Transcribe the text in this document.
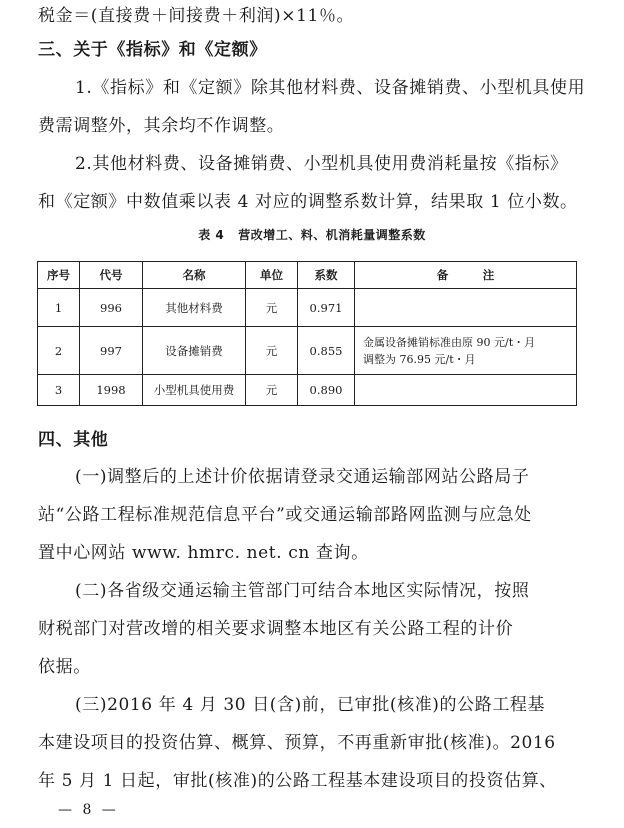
税金＝(直接费＋间接费＋利润)×11％。
三、关于《指标》和《定额》
1.《指标》和《定额》除其他材料费、设备摊销费、小型机具使用
费需调整外，其余均不作调整。
2.其他材料费、设备摊销费、小型机具使用费消耗量按《指标》
和《定额》中数值乘以表 4 对应的调整系数计算，结果取 1 位小数。
表 4 营改增工、料、机消耗量调整系数
序号	代号	名称	单位	系数	备　　　注
1	996	其他材料费	元	0.971	
2	997	设备摊销费	元	0.855	金属设备摊销标准由原 90 元/t・月
调整为 76.95 元/t・月

3	1998	小型机具使用费	元	0.890	
四、其他
(一)调整后的上述计价依据请登录交通运输部网站公路局子
站“公路工程标准规范信息平台”或交通运输部路网监测与应急处
置中心网站 www. hmrc. net. cn 查询。
(二)各省级交通运输主管部门可结合本地区实际情况，按照
财税部门对营改增的相关要求调整本地区有关公路工程的计价
依据。
(三)2016 年 4 月 30 日(含)前，已审批(核准)的公路工程基
本建设项目的投资估算、概算、预算，不再重新审批(核准)。2016
年 5 月 1 日起，审批(核准)的公路工程基本建设项目的投资估算、
— 8 —
